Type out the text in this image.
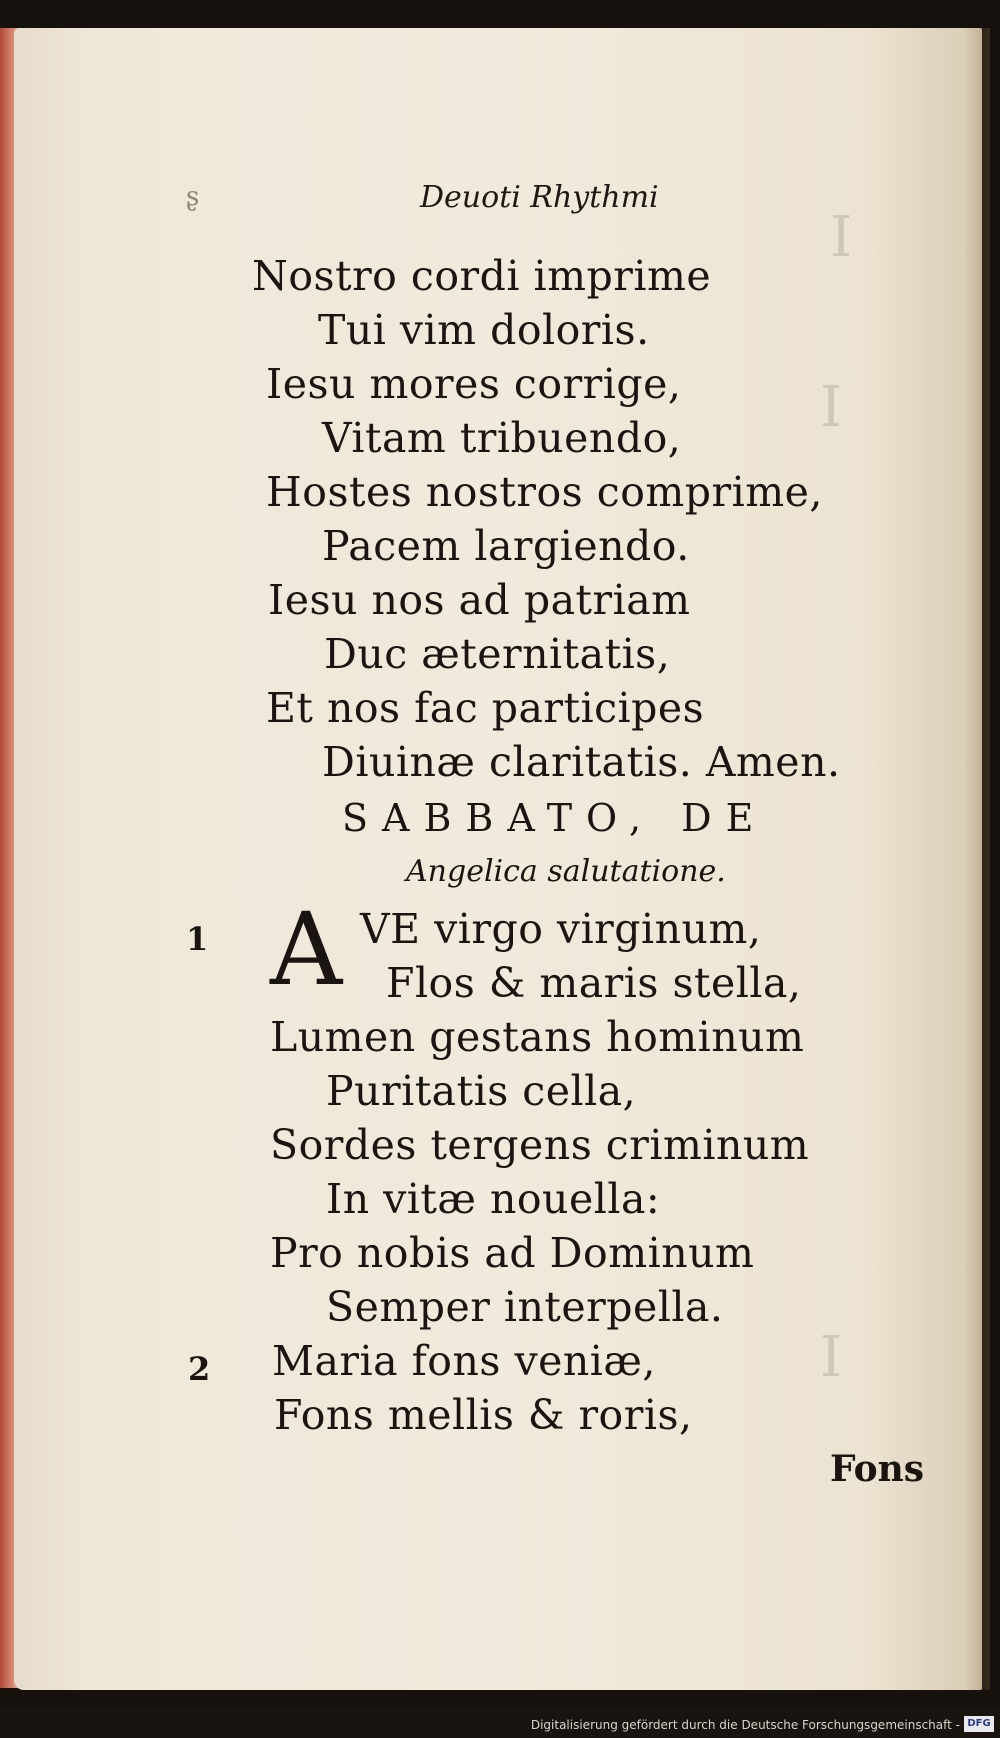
I
I
I
ʂ	Deuoti Rhythmi
Nostro cordi imprime
Tui vim doloris.
Iesu mores corrige,
Vitam tribuendo,
Hostes nostros comprime,
Pacem largiendo.
Iesu nos ad patriam
Duc æternitatis,
Et nos fac participes
Diuinæ claritatis. Amen.
SABBATO, DE
Angelica salutatione.
1 A VE virgo virginum,
Flos & maris stella,
Lumen gestans hominum
Puritatis cella,
Sordes tergens criminum
In vitæ nouella:
Pro nobis ad Dominum
Semper interpella.
2 Maria fons veniæ,
Fons mellis & roris,
Fons
Digitalisierung gefördert durch die Deutsche Forschungsgemeinschaft - DFG
